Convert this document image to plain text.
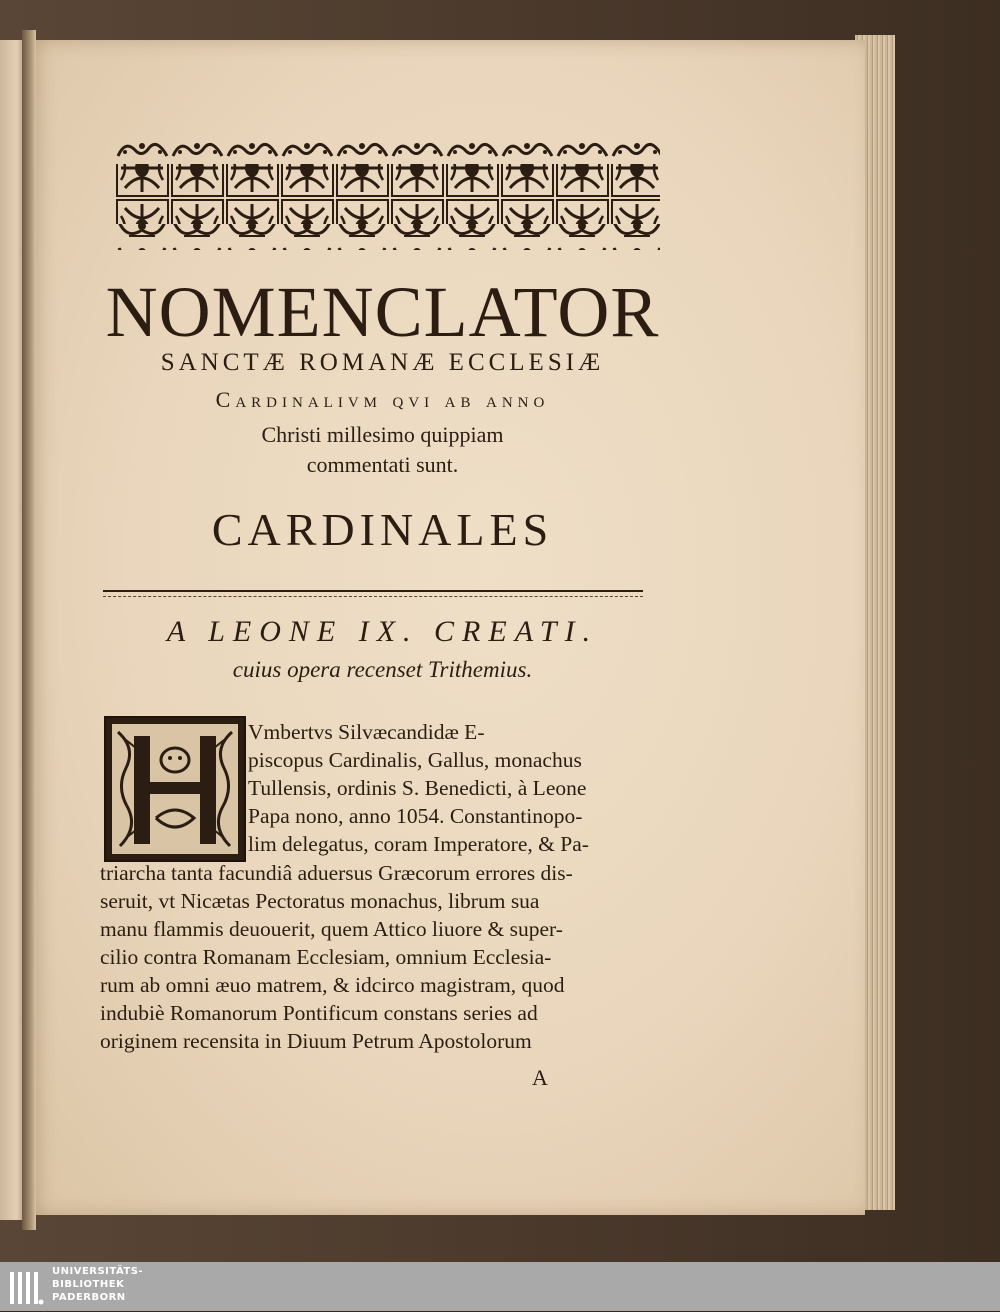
NOMENCLATOR
SANCTÆ ROMANÆ ECCLESIÆ
Cardinalivm qvi ab anno
Christi millesimo quippiam
commentati sunt.
CARDINALES
A LEONE IX. CREATI.
cuius opera recenset Trithemius.
Vmbertvs Silvæcandidæ E-
piscopus Cardinalis, Gallus, monachus
Tullensis, ordinis S. Benedicti, à Leone
Papa nono, anno 1054. Constantinopo-
lim delegatus, coram Imperatore, & Pa-
triarcha tanta facundiâ aduersus Græcorum errores dis-
seruit, vt Nicætas Pectoratus monachus, librum sua
manu flammis deuouerit, quem Attico liuore & super-
cilio contra Romanam Ecclesiam, omnium Ecclesia-
rum ab omni æuo matrem, & idcirco magistram, quod
indubiè Romanorum Pontificum constans series ad
originem recensita in Diuum Petrum Apostolorum
A
UNIVERSITÄTS-
BIBLIOTHEK
PADERBORN
